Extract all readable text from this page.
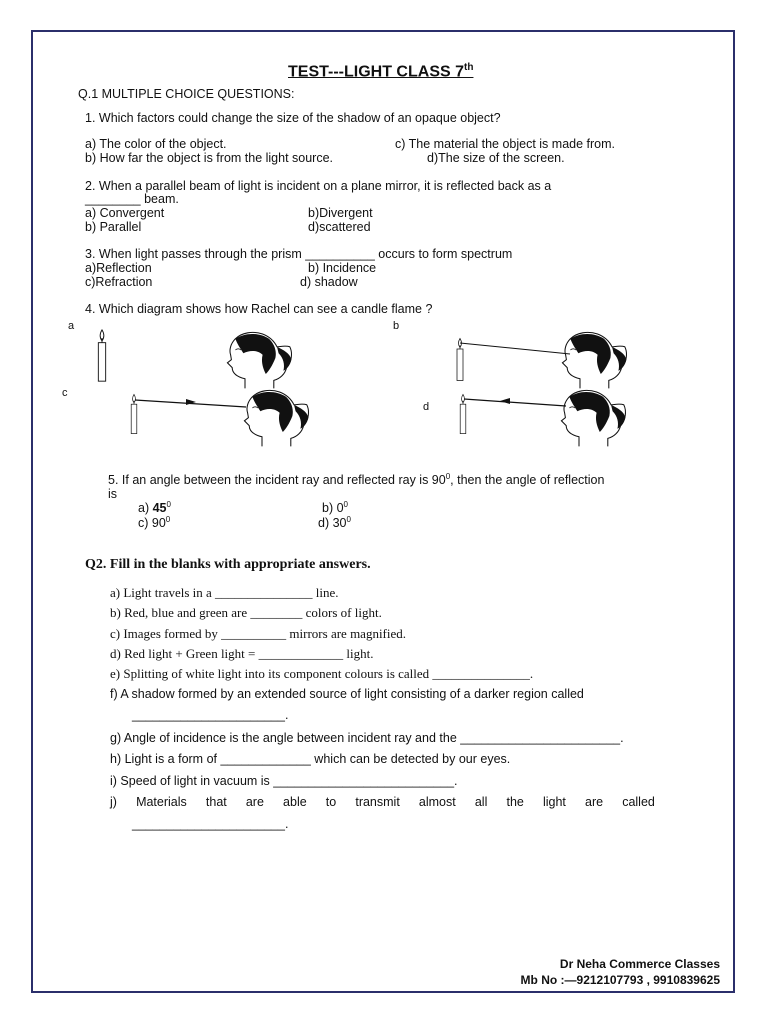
TEST---LIGHT CLASS 7th
Q.1 MULTIPLE CHOICE QUESTIONS:
1. Which factors could change the size of the shadow of an opaque object?
a) The color of the object.	c) The material the object is made from.
b) How far the object is from the light source.	d)The size of the screen.
2. When a parallel beam of light is incident on a plane mirror, it is reflected back as a
________ beam.
a) Convergent	b)Divergent
b) Parallel	d)scattered
3. When light passes through the prism __________ occurs to form spectrum
a)Reflection	b) Incidence
c)Refraction	d) shadow
4. Which diagram shows how Rachel can see a candle flame ?
a	b
c
d
5. If an angle between the incident ray and reflected ray is $90^0$, then the angle of reflection
is
a) $45^0$	b) $0^0$
c) $90^0$	d) $30^0$
Q2. Fill in the blanks with appropriate answers.
a) Light travels in a _______________ line.
b) Red, blue and green are ________ colors of light.
c) Images formed by __________ mirrors are magnified.
d) Red light + Green light = _____________ light.
e) Splitting of white light into its component colours is called _______________.
f) A shadow formed by an extended source of light consisting of a darker region called
______________________.
g) Angle of incidence is the angle between incident ray and the _______________________.
h) Light is a form of _____________ which can be detected by our eyes.
i) Speed of light in vacuum is __________________________.
j) Materials that are able to transmit almost all the light are called
______________________.
Dr Neha Commerce Classes
Mb No :—9212107793 , 9910839625
